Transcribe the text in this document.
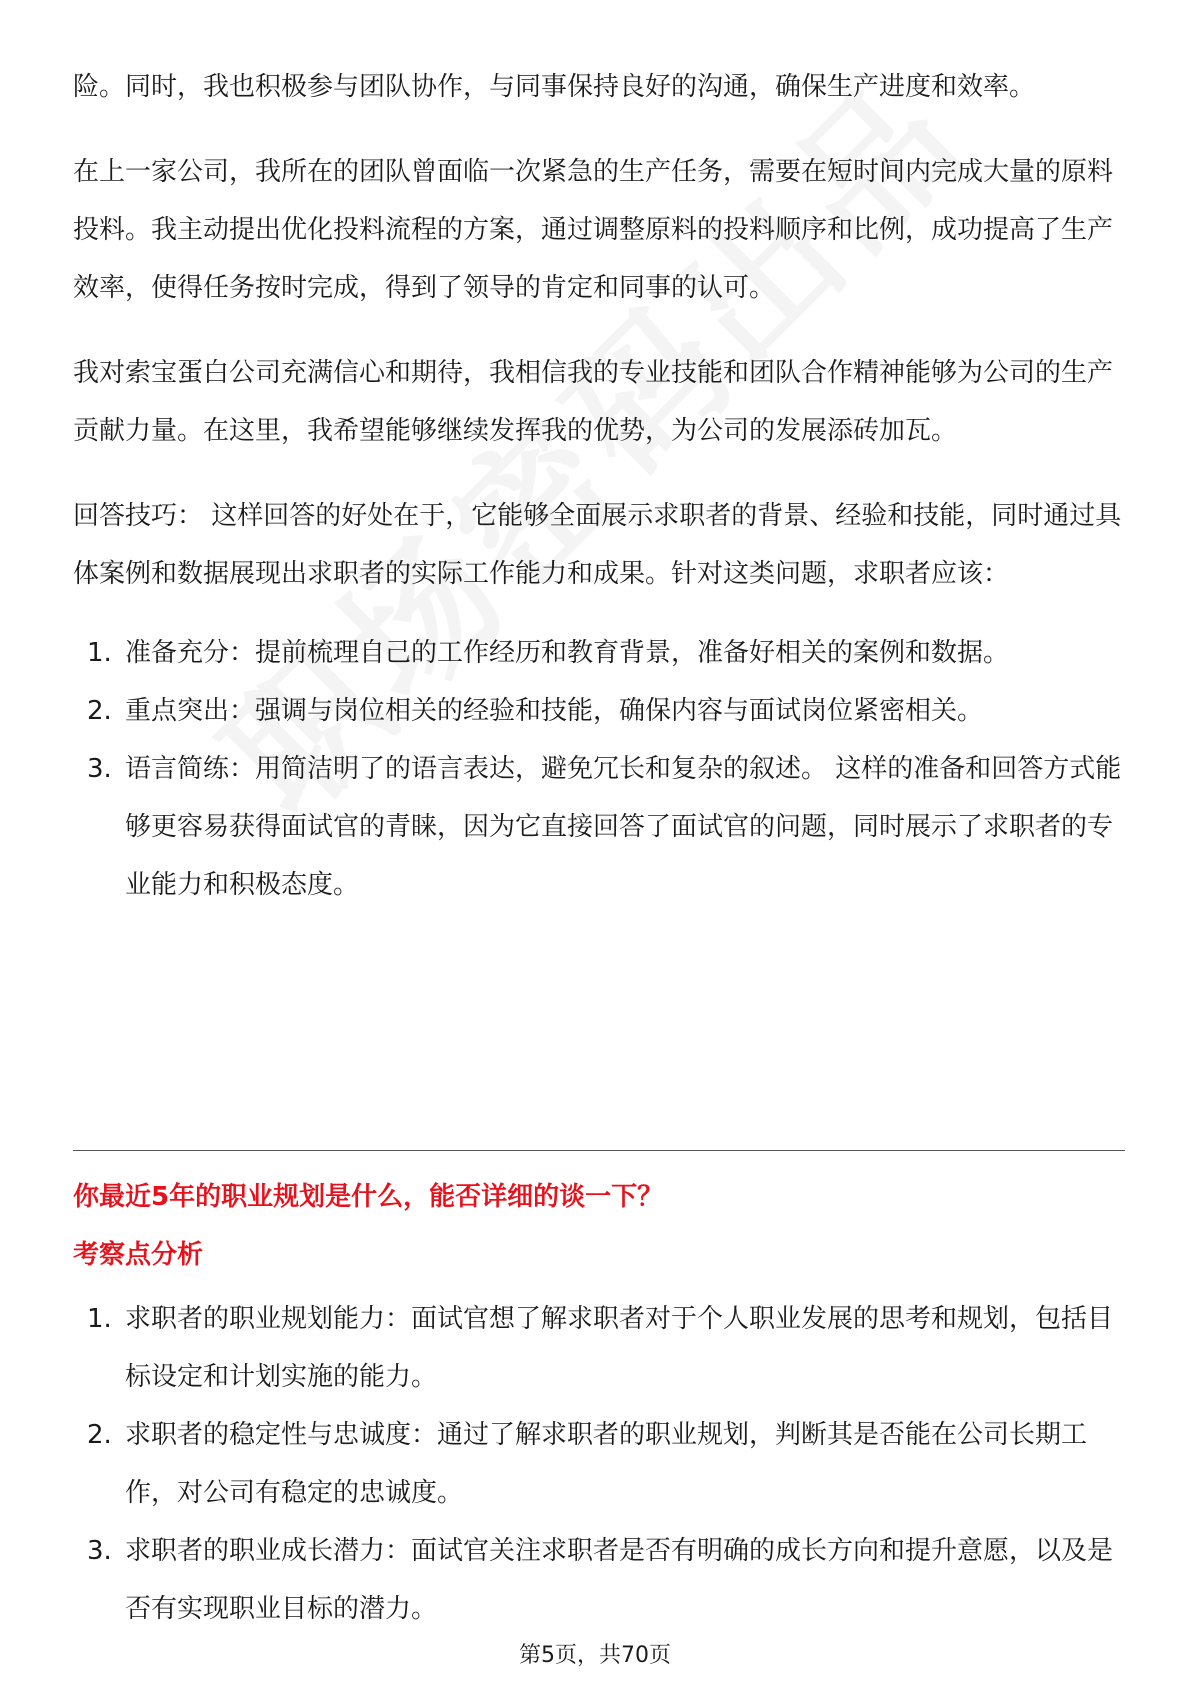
险。同时，我也积极参与团队协作，与同事保持良好的沟通，确保生产进度和效率。

在上一家公司，我所在的团队曾面临一次紧急的生产任务，需要在短时间内完成大量的原料投料。我主动提出优化投料流程的方案，通过调整原料的投料顺序和比例，成功提高了生产效率，使得任务按时完成，得到了领导的肯定和同事的认可。

我对索宝蛋白公司充满信心和期待，我相信我的专业技能和团队合作精神能够为公司的生产贡献力量。在这里，我希望能够继续发挥我的优势，为公司的发展添砖加瓦。

回答技巧： 这样回答的好处在于，它能够全面展示求职者的背景、经验和技能，同时通过具体案例和数据展现出求职者的实际工作能力和成果。针对这类问题，求职者应该：

1. 准备充分：提前梳理自己的工作经历和教育背景，准备好相关的案例和数据。
2. 重点突出：强调与岗位相关的经验和技能，确保内容与面试岗位紧密相关。
3. 语言简练：用简洁明了的语言表达，避免冗长和复杂的叙述。 这样的准备和回答方式能够更容易获得面试官的青睐，因为它直接回答了面试官的问题，同时展示了求职者的专业能力和积极态度。

你最近5年的职业规划是什么，能否详细的谈一下？

考察点分析

1. 求职者的职业规划能力：面试官想了解求职者对于个人职业发展的思考和规划，包括目标设定和计划实施的能力。
2. 求职者的稳定性与忠诚度：通过了解求职者的职业规划，判断其是否能在公司长期工作，对公司有稳定的忠诚度。
3. 求职者的职业成长潜力：面试官关注求职者是否有明确的成长方向和提升意愿，以及是否有实现职业目标的潜力。
第5页，共70页
